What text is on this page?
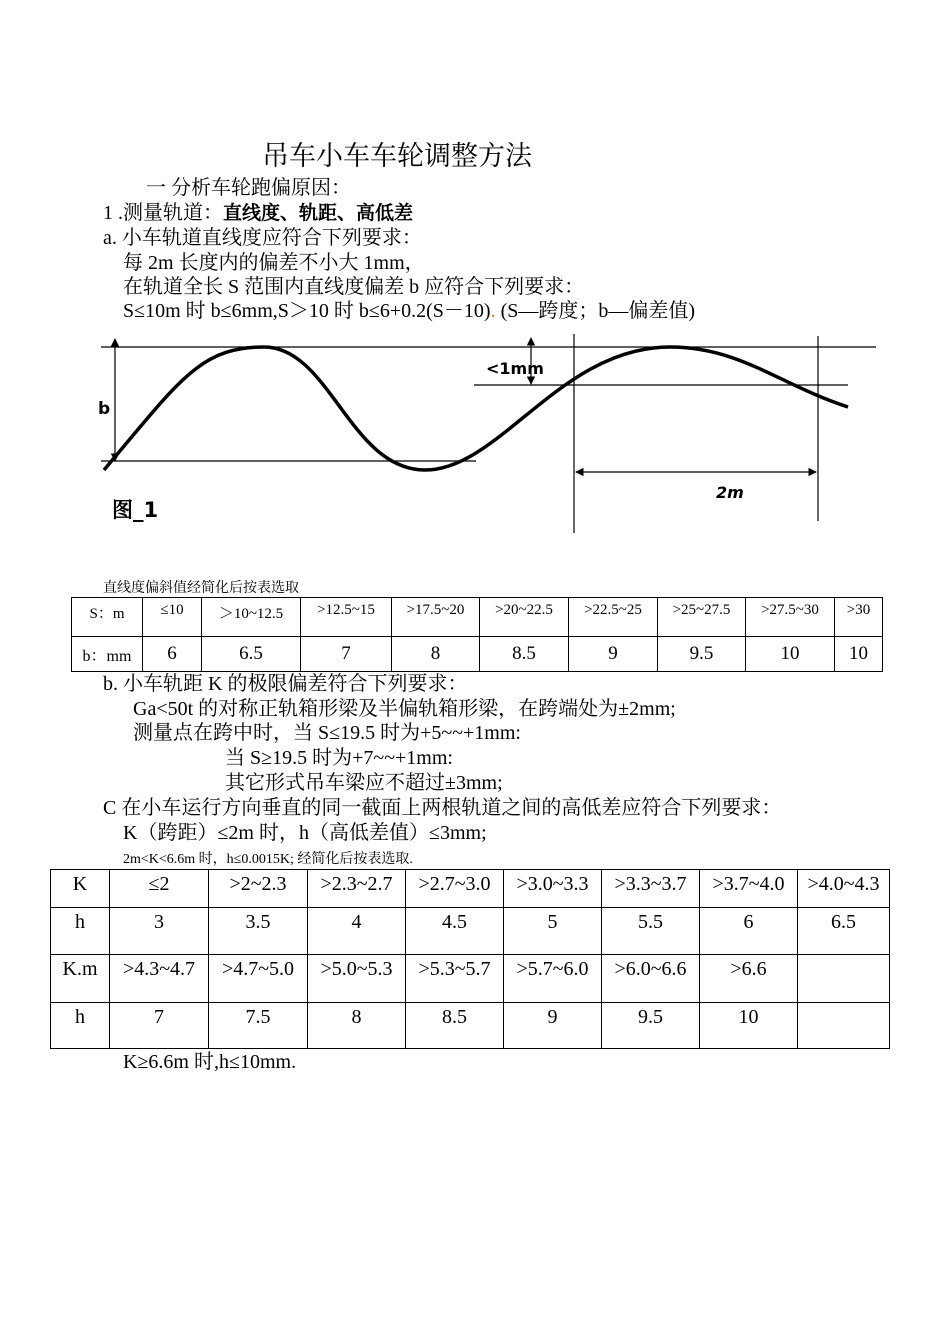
吊车小车车轮调整方法
一 分析车轮跑偏原因：
1 .测量轨道：直线度、轨距、高低差
a. 小车轨道直线度应符合下列要求：
每 2m 长度内的偏差不小大 1mm，
在轨道全长 S 范围内直线度偏差 b 应符合下列要求：
S≤10m 时 b≤6mm,S＞10 时 b≤6+0.2(S－10). (S—跨度；b—偏差值)
b
<1mm
2m
图_1
直线度偏斜值经简化后按表选取
S：m	≤10	＞10~12.5	>12.5~15	>17.5~20	>20~22.5	>22.5~25	>25~27.5	>27.5~30	>30
b：mm	6	6.5	7	8	8.5	9	9.5	10	10
b. 小车轨距 K 的极限偏差符合下列要求：
Ga<50t 的对称正轨箱形梁及半偏轨箱形梁，在跨端处为±2mm;
测量点在跨中时，当 S≤19.5 时为+5~~+1mm:
当 S≥19.5 时为+7~~+1mm:
其它形式吊车梁应不超过±3mm;
C 在小车运行方向垂直的同一截面上两根轨道之间的高低差应符合下列要求：
K（跨距）≤2m 时，h（高低差值）≤3mm;
2m<K<6.6m 时，h≤0.0015K; 经简化后按表选取.
K	≤2	>2~2.3	>2.3~2.7	>2.7~3.0	>3.0~3.3	>3.3~3.7	>3.7~4.0	>4.0~4.3
h	3	3.5	4	4.5	5	5.5	6	6.5
K.m	>4.3~4.7	>4.7~5.0	>5.0~5.3	>5.3~5.7	>5.7~6.0	>6.0~6.6	>6.6	
h	7	7.5	8	8.5	9	9.5	10	
K≥6.6m 时,h≤10mm.
